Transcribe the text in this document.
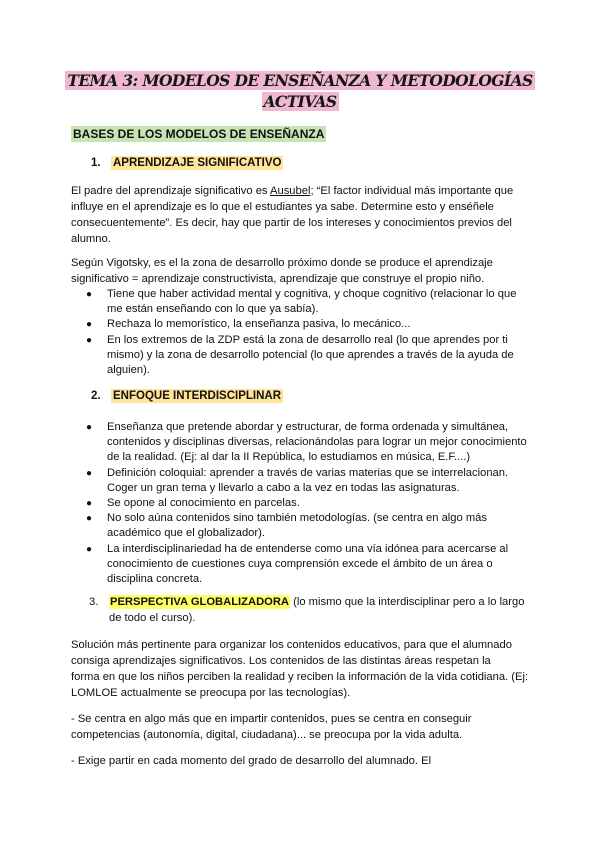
TEMA 3: MODELOS DE ENSEÑANZA Y METODOLOGÍAS
ACTIVAS
BASES DE LOS MODELOS DE ENSEÑANZA
1. APRENDIZAJE SIGNIFICATIVO
El padre del aprendizaje significativo es Ausubel; “El factor individual más importante que
influye en el aprendizaje es lo que el estudiantes ya sabe. Determine esto y enséñele
consecuentemente”. Es decir, hay que partir de los intereses y conocimientos previos del
alumno.
Según Vigotsky, es el la zona de desarrollo próximo donde se produce el aprendizaje
significativo = aprendizaje constructivista, aprendizaje que construye el propio niño.
● Tiene que haber actividad mental y cognitiva, y choque cognitivo (relacionar lo que
me están enseñando con lo que ya sabía).
● Rechaza lo memorístico, la enseñanza pasiva, lo mecánico...
● En los extremos de la ZDP está la zona de desarrollo real (lo que aprendes por ti
mismo) y la zona de desarrollo potencial (lo que aprendes a través de la ayuda de
alguien).
2. ENFOQUE INTERDISCIPLINAR
● Enseñanza que pretende abordar y estructurar, de forma ordenada y simultánea,
contenidos y disciplinas diversas, relacionándolas para lograr un mejor conocimiento
de la realidad. (Ej: al dar la II República, lo estudiamos en música, E.F....)
● Definición coloquial: aprender a través de varias materias que se interrelacionan.
Coger un gran tema y llevarlo a cabo a la vez en todas las asignaturas.
● Se opone al conocimiento en parcelas.
● No solo aúna contenidos sino también metodologías. (se centra en algo más
académico que el globalizador).
● La interdisciplinariedad ha de entenderse como una vía idónea para acercarse al
conocimiento de cuestiones cuya comprensión excede el ámbito de un área o
disciplina concreta.
3. PERSPECTIVA GLOBALIZADORA (lo mismo que la interdisciplinar pero a lo largo
de todo el curso).
Solución más pertinente para organizar los contenidos educativos, para que el alumnado
consiga aprendizajes significativos. Los contenidos de las distintas áreas respetan la
forma en que los niños perciben la realidad y reciben la información de la vida cotidiana. (Ej:
LOMLOE actualmente se preocupa por las tecnologías).
- Se centra en algo más que en impartir contenidos, pues se centra en conseguir
competencias (autonomía, digital, ciudadana)... se preocupa por la vida adulta.
- Exige partir en cada momento del grado de desarrollo del alumnado. El
